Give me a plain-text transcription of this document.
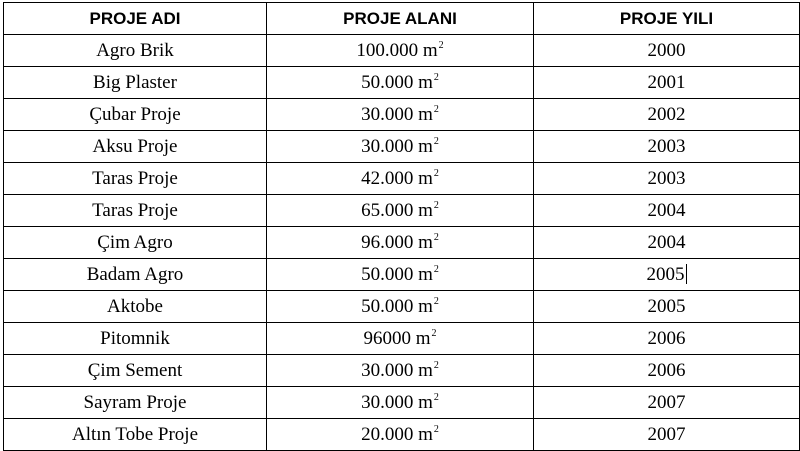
PROJE ADI	PROJE ALANI	PROJE YILI
Agro Brik	100.000 $m^2$	2000
Big Plaster	50.000 $m^2$	2001
Çubar Proje	30.000 $m^2$	2002
Aksu Proje	30.000 $m^2$	2003
Taras Proje	42.000 $m^2$	2003
Taras Proje	65.000 $m^2$	2004
Çim Agro	96.000 $m^2$	2004
Badam Agro	50.000 $m^2$	2005
Aktobe	50.000 $m^2$	2005
Pitomnik	96000 $m^2$	2006
Çim Sement	30.000 $m^2$	2006
Sayram Proje	30.000 $m^2$	2007
Altın Tobe Proje	20.000 $m^2$	2007
